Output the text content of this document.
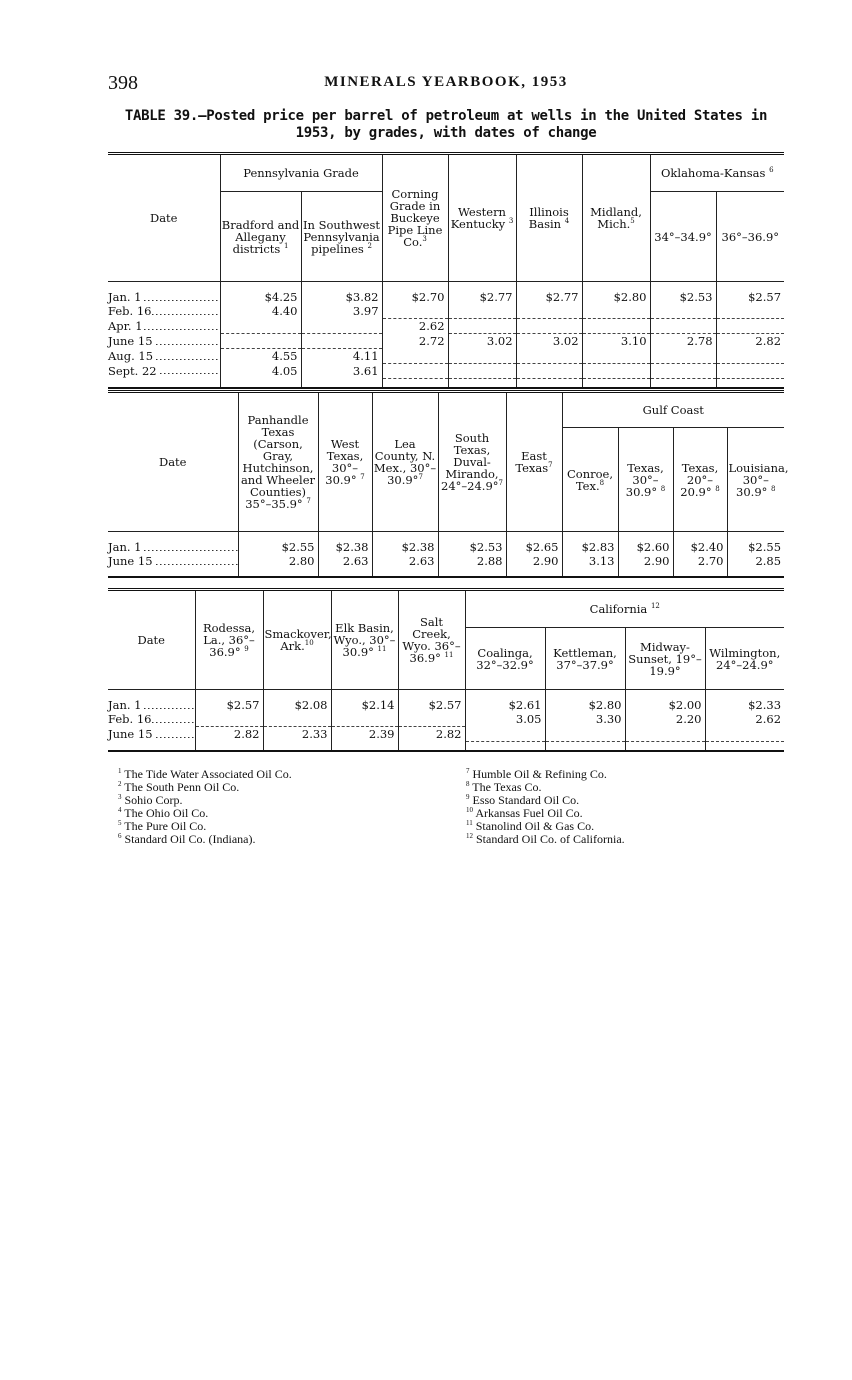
398	MINERALS YEARBOOK, 1953
TABLE 39.—Posted price per barrel of petroleum at wells in the United States in
1953, by grades, with dates of change
Date	Pennsylvania Grade		Corning Grade in Buckeye Pipe Line Co.$^3$	Western Kentucky $^3$	Illinois Basin $^4$	Midland, Mich.$^5$	Oklahoma-Kansas $^6$
	Bradford and Allegany districts $^1$	In Southwest Pennsylvania pipelines $^2$					34°–34.9°	36°–36.9°

Jan. 1	$4.25	$3.82	$2.70	$2.77	$2.77	$2.80	$2.53	$2.57
Feb. 16	4.40	3.97						
Apr. 1			2.62					
June 15			2.72	3.02	3.02	3.10	2.78	2.82
Aug. 15	4.55	4.11						
Sept. 22	4.05	3.61						

Date	Panhandle Texas (Carson, Gray, Hutchinson, and Wheeler Counties) 35°–35.9° $^7$	West Texas, 30°–30.9° $^7$	Lea County, N. Mex., 30°–30.9°$^7$	South Texas, Duval-Mirando, 24°–24.9°$^7$	East Texas$^7$	Gulf Coast			
						Conroe, Tex.$^8$	Texas, 30°–30.9° $^8$	Texas, 20°–20.9° $^8$	Louisiana, 30°–30.9° $^8$

Jan. 1	$2.55	$2.38	$2.38	$2.53	$2.65	$2.83	$2.60	$2.40	$2.55
June 15	2.80	2.63	2.63	2.88	2.90	3.13	2.90	2.70	2.85

Date	Rodessa, La., 36°–36.9° $^9$	Smackover, Ark.$^{10}$	Elk Basin, Wyo., 30°–30.9° $^{11}$	Salt Creek, Wyo. 36°–36.9° $^{11}$	California $^{12}$
					Coalinga, 32°–32.9°	Kettleman, 37°–37.9°	Midway-Sunset, 19°–19.9°	Wilmington, 24°–24.9°

Jan. 1	$2.57	$2.08	$2.14	$2.57	$2.61	$2.80	$2.00	$2.33
Feb. 16					3.05	3.30	2.20	2.62
June 15	2.82	2.33	2.39	2.82				

$^1$ The Tide Water Associated Oil Co.
$^2$ The South Penn Oil Co.
$^3$ Sohio Corp.
$^4$ The Ohio Oil Co.
$^5$ The Pure Oil Co.
$^6$ Standard Oil Co. (Indiana).
$^7$ Humble Oil & Refining Co.
$^8$ The Texas Co.
$^9$ Esso Standard Oil Co.
$^{10}$ Arkansas Fuel Oil Co.
$^{11}$ Stanolind Oil & Gas Co.
$^{12}$ Standard Oil Co. of California.
